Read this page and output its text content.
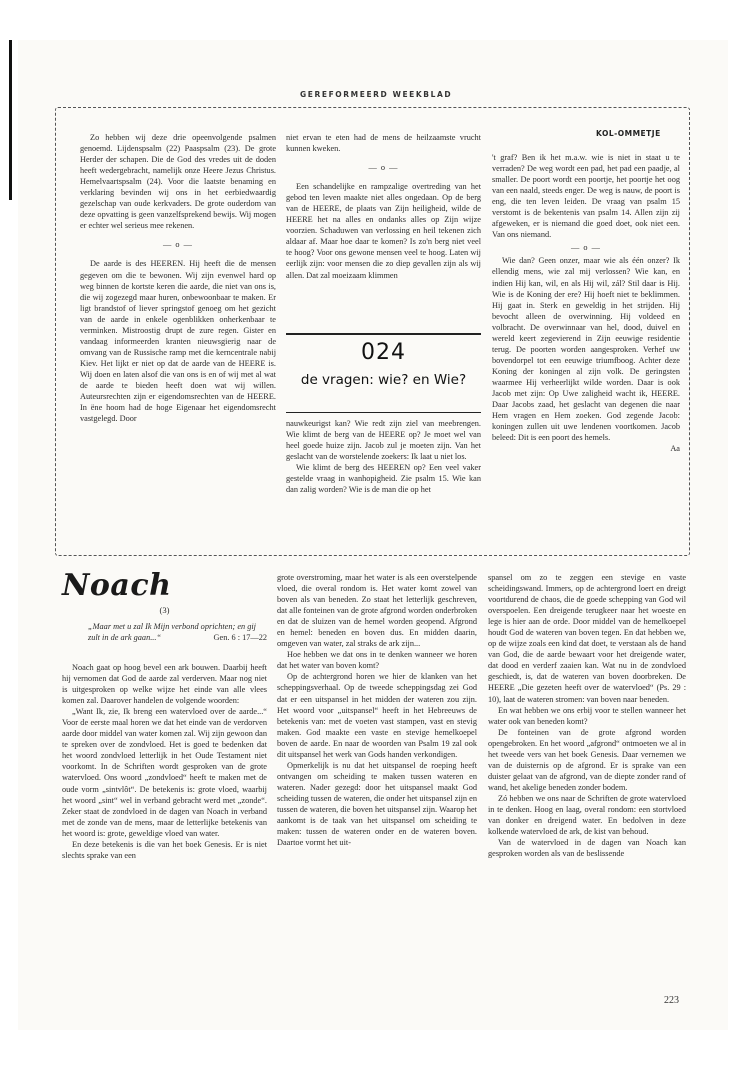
GEREFORMEERD WEEKBLAD
KOL-OMMETJE

Zo hebben wij deze drie opeenvolgende psalmen genoemd. Lijdenspsalm (22) Paaspsalm (23). De grote Herder der schapen. Die de God des vredes uit de doden heeft wedergebracht, namelijk onze Heere Jezus Christus. Hemelvaartspsalm (24). Voor die laatste benaming en verklaring bevinden wij ons in het eerbiedwaardig gezelschap van oude kerkvaders. De grote ouderdom van deze opvatting is geen vanzelfsprekend bewijs. Wij mogen er echter wel serieus mee rekenen.

— o —

De aarde is des HEEREN. Hij heeft die de mensen gegeven om die te bewonen. Wij zijn evenwel hard op weg binnen de kortste keren die aarde, die niet van ons is, die wij zogezegd maar huren, onbewoonbaar te maken. Er ligt brandstof of liever springstof genoeg om het gezicht van de aarde in enkele ogenblikken onherkenbaar te verminken. Mistroostig drupt de zure regen. Gister en vandaag informeerden kranten nieuwsgierig naar de omvang van de Russische ramp met die kerncentrale nabij Kiev. Het lijkt er niet op dat de aarde van de HEERE is. Wij doen en laten alsof die van ons is en of wij met al wat de aarde te bieden heeft doen wat wij willen. Auteursrechten zijn er eigendomsrechten van de HEERE. In ëne hoom had de hoge Eigenaar het eigendomsrecht vastgelegd. Door

niet ervan te eten had de mens de heilzaamste vrucht kunnen kweken.

— o —

Een schandelijke en rampzalige overtreding van het gebod ten leven maakte niet alles ongedaan. Op de berg van de HEERE, de plaats van Zijn heiligheid, wilde de HEERE het na alles en ondanks alles op Zijn wijze voorzien. Schaduwen van verlossing en heil tekenen zich aldaar af. Maar hoe daar te komen? Is zo'n berg niet veel te hoog? Voor ons gewone mensen veel te hoog. Laten wij eerlijk zijn: voor mensen die zo diep gevallen zijn als wij allen. Dat zal moeizaam klimmen

024
de vragen: wie? en Wie?

nauwkeurigst kan? Wie redt zijn ziel van meebrengen. Wie klimt de berg van de HEERE op? Je moet wel van heel goede huize zijn. Jacob zul je moeten zijn. Van het geslacht van de worstelende zoekers: Ik laat u niet los.

Wie klimt de berg des HEEREN op? Een veel vaker gestelde vraag in wanhopigheid. Zie psalm 15. Wie kan dan zalig worden? Wie is de man die op het

't graf? Ben ik het m.a.w. wie is niet in staat u te verraden? De weg wordt een pad, het pad een paadje, al smaller. De poort wordt een poortje, het poortje het oog van een naald, steeds enger. De weg is nauw, de poort is eng, die ten leven leiden. De vraag van psalm 15 verstomt is de bekentenis van psalm 14. Allen zijn zij afgeweken, er is niemand die goed doet, ook niet een. Van ons niemand.

— o —

Wie dan? Geen onzer, maar wie als één onzer? Ik ellendig mens, wie zal mij verlossen? Wie kan, en indien Hij kan, wil, en als Hij wil, zál? Stil daar is Hij. Wie is de Koning der ere? Hij hoeft niet te beklimmen. Hij gaat in. Sterk en geweldig in het strijden. Hij bevocht alleen de overwinning. Hij voldeed en volbracht. De overwinnaar van hel, dood, duivel en wereld keert zegevierend in Zijn eeuwige residentie terug. De poorten worden aangesproken. Verhef uw bovendorpel tot een eeuwige triumfboog. Achter deze Koning der koningen al zijn volk. De geringsten waarmee Hij verheerlijkt wilde worden. Daar is ook Jacob met zijn: Op Uwe zaligheid wacht ik, HEERE. Daar Jacobs zaad, het geslacht van degenen die naar Hem vragen en Hem zoeken. God zegende Jacob: koningen zullen uit uwe lendenen voortkomen. Jacob beleed: Dit is een poort des hemels.

Aa

Noach
(3)
„Maar met u zal Ik Mijn verbond oprichten; en gij zult in de ark gaan...“	Gen. 6 : 17—22

Noach gaat op hoog bevel een ark bouwen. Daarbij heeft hij vernomen dat God de aarde zal verderven. Maar nog niet is uitgesproken op welke wijze het einde van alle vlees komen zal. Daarover handelen de volgende woorden:

„Want Ik, zie, Ik breng een watervloed over de aarde...“ Voor de eerste maal horen we dat het einde van de verdorven aarde door middel van water komen zal. Wij zijn gewoon dan te spreken over de zondvloed. Het is goed te bedenken dat het woord zondvloed letterlijk in het Oude Testament niet voorkomt. In de Schriften wordt gesproken van de grote watervloed. Ons woord „zondvloed“ heeft te maken met de oude vorm „sintvlôt“. De betekenis is: grote vloed, waarbij het woord „sint“ wel in verband gebracht werd met „zonde“. Zeker staat de zondvloed in de dagen van Noach in verband met de zonde van de mens, maar de letterlijke betekenis van het woord is: grote, geweldige vloed van water.

En deze betekenis is die van het boek Genesis. Er is niet slechts sprake van een

grote overstroming, maar het water is als een overstelpende vloed, die overal rondom is. Het water komt zowel van boven als van beneden. Zo staat het letterlijk geschreven, dat alle fonteinen van de grote afgrond worden onderbroken en dat de sluizen van de hemel worden geopend. Afgrond en hemel: beneden en boven dus. En midden daarin, omgeven van water, zal straks de ark zijn...

Hoe hebben we dat ons in te denken wanneer we horen dat het water van boven komt?

Op de achtergrond horen we hier de klanken van het scheppingsverhaal. Op de tweede scheppingsdag zei God dat er een uitspansel in het midden der wateren zou zijn. Het woord voor „uitspansel“ heeft in het Hebreeuws de betekenis van: met de voeten vast stampen, vast en stevig maken. God maakte een vaste en stevige hemelkoepel boven de aarde. En naar de woorden van Psalm 19 zal ook dit uitspansel het werk van Gods handen verkondigen.

Opmerkelijk is nu dat het uitspansel de roeping heeft ontvangen om scheiding te maken tussen wateren en wateren. Nader gezegd: door het uitspansel maakt God scheiding tussen de wateren, die onder het uitspansel zijn en tussen de wateren, die boven het uitspansel zijn. Waarop het aankomt is de taak van het uitspansel om scheiding te maken: tussen de wateren onder en de wateren boven. Daartoe vormt het uit-

spansel om zo te zeggen een stevige en vaste scheidingswand. Immers, op de achtergrond loert en dreigt voortdurend de chaos, die de goede schepping van God wil overspoelen. Een dreigende terugkeer naar het woeste en lege is hier aan de orde. Door middel van de hemelkoepel houdt God de wateren van boven tegen. En dat hebben we, op de wijze zoals een kind dat doet, te verstaan als de hand van God, die de aarde bewaart voor het dreigende water, dat dood en verderf zaaien kan. Wat nu in de zondvloed geschiedt, is, dat de wateren van boven doorbreken. De HEERE „Die gezeten heeft over de watervloed“ (Ps. 29 : 10), laat de wateren stromen: van boven naar beneden.

En wat hebben we ons erbij voor te stellen wanneer het water ook van beneden komt?

De fonteinen van de grote afgrond worden opengebroken. En het woord „afgrond“ ontmoeten we al in het tweede vers van het boek Genesis. Daar vernemen we van de duisternis op de afgrond. Er is sprake van een duister gelaat van de afgrond, van de diepte zonder rand of wand, het akelige beneden zonder bodem.

Zó hebben we ons naar de Schriften de grote watervloed in te denken. Hoog en laag, overal rondom: een stortvloed van donker en dreigend water. En bedolven in deze kolkende watervloed de ark, de kist van behoud.

Van de watervloed in de dagen van Noach kan gesproken worden als van de beslissende

223
